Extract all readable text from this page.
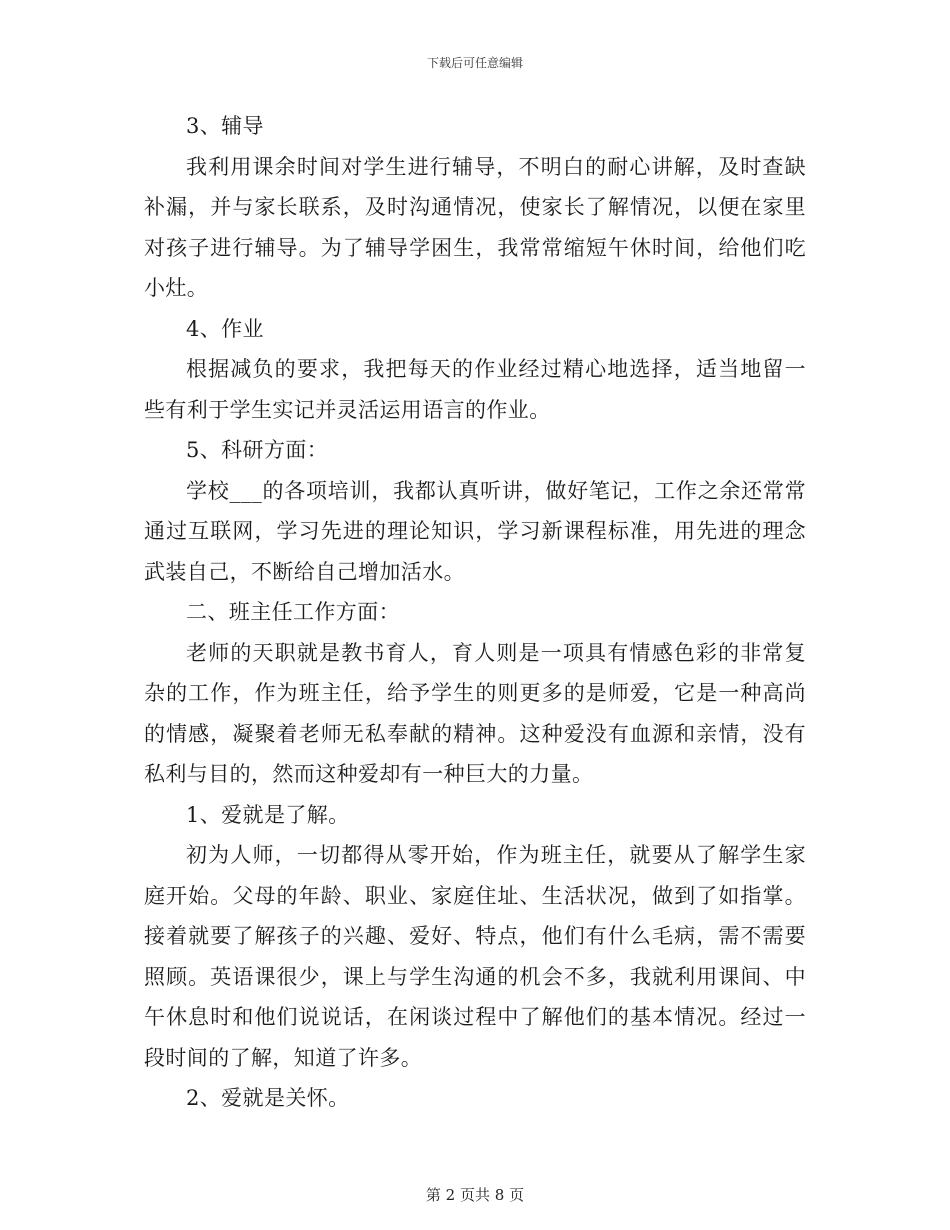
下载后可任意编辑

3、辅导

我利用课余时间对学生进行辅导，不明白的耐心讲解，及时查缺补漏，并与家长联系，及时沟通情况，使家长了解情况，以便在家里对孩子进行辅导。为了辅导学困生，我常常缩短午休时间，给他们吃小灶。

4、作业

根据减负的要求，我把每天的作业经过精心地选择，适当地留一些有利于学生实记并灵活运用语言的作业。

5、科研方面：

学校___的各项培训，我都认真听讲，做好笔记，工作之余还常常通过互联网，学习先进的理论知识，学习新课程标准，用先进的理念武装自己，不断给自己增加活水。

二、班主任工作方面：

老师的天职就是教书育人，育人则是一项具有情感色彩的非常复杂的工作，作为班主任，给予学生的则更多的是师爱，它是一种高尚的情感，凝聚着老师无私奉献的精神。这种爱没有血源和亲情，没有私利与目的，然而这种爱却有一种巨大的力量。

1、爱就是了解。

初为人师，一切都得从零开始，作为班主任，就要从了解学生家庭开始。父母的年龄、职业、家庭住址、生活状况，做到了如指掌。接着就要了解孩子的兴趣、爱好、特点，他们有什么毛病，需不需要照顾。英语课很少，课上与学生沟通的机会不多，我就利用课间、中午休息时和他们说说话，在闲谈过程中了解他们的基本情况。经过一段时间的了解，知道了许多。

2、爱就是关怀。

第 2 页共 8 页
